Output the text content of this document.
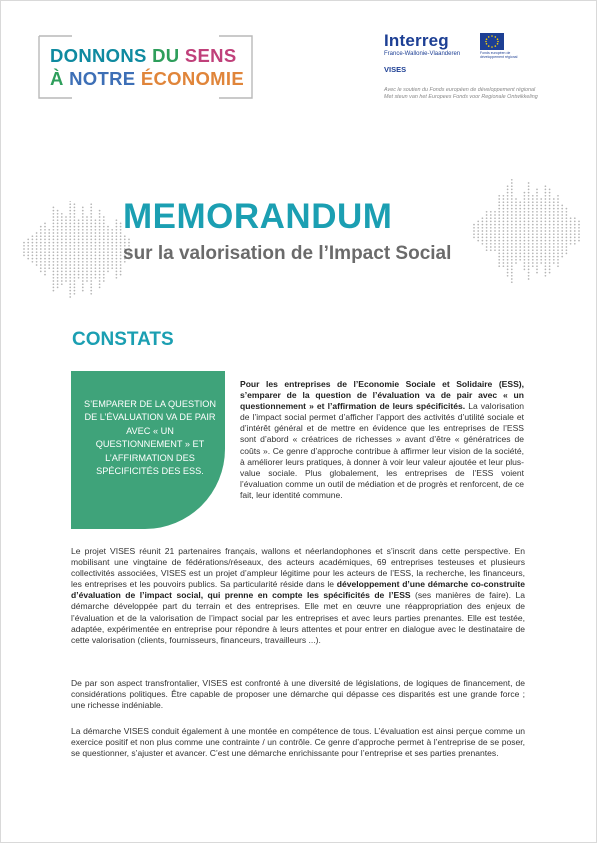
DONNONS DU SENS
À NOTRE ÉCONOMIE
Interreg
France-Wallonie-Vlaanderen	Fonds européen de développement régional
VISES
Avec le soutien du Fonds européen de développement régional
Met steun van het Europees Fonds voor Regionale Ontwikkeling
MEMORANDUM
sur la valorisation de l’Impact Social
CONSTATS
S’EMPARER DE LA QUESTION DE L’ÉVALUATION VA DE PAIR AVEC « UN QUESTIONNEMENT » ET L’AFFIRMATION DES SPÉCIFICITÉS DES ESS.
Pour les entreprises de l’Economie Sociale et Solidaire (ESS), s’emparer de la question de l’évaluation va de pair avec « un questionnement » et l’affirmation de leurs spécificités. La valorisation de l’impact social permet d’afficher l’apport des activités d’utilité sociale et d’intérêt général et de mettre en évidence que les entreprises de l’ESS sont d’abord « créatrices de richesses » avant d’être « génératrices de coûts ». Ce genre d’approche contribue à affirmer leur vision de la société, à améliorer leurs pratiques, à donner à voir leur valeur ajoutée et leur plus-value sociale. Plus globalement, les entreprises de l’ESS voient l’évaluation comme un outil de médiation et de progrès et renforcent, de ce fait, leur identité commune.
Le projet VISES réunit 21 partenaires français, wallons et néerlandophones et s’inscrit dans cette perspective. En mobilisant une vingtaine de fédérations/réseaux, des acteurs académiques, 69 entreprises testeuses et plusieurs collectivités associées, VISES est un projet d’ampleur légitime pour les acteurs de l’ESS, la recherche, les financeurs, les entreprises et les pouvoirs publics. Sa particularité réside dans le développement d’une démarche co-construite d’évaluation de l’impact social, qui prenne en compte les spécificités de l’ESS (ses manières de faire). La démarche développée part du terrain et des entreprises. Elle met en œuvre une réappropriation des enjeux de l’évaluation et de la valorisation de l’impact social par les entreprises et avec leurs parties prenantes. Elle est testée, adaptée, expérimentée en entreprise pour répondre à leurs attentes et pour entrer en dialogue avec le destinataire de cette valorisation (clients, fournisseurs, financeurs, travailleurs ...).
De par son aspect transfrontalier, VISES est confronté à une diversité de législations, de logiques de financement, de considérations politiques. Être capable de proposer une démarche qui dépasse ces disparités est une grande force ; une richesse indéniable.
La démarche VISES conduit également à une montée en compétence de tous. L’évaluation est ainsi perçue comme un exercice positif et non plus comme une contrainte / un contrôle. Ce genre d’approche permet à l’entreprise de se poser, se questionner, s’ajuster et avancer. C’est une démarche enrichissante pour l’entreprise et ses parties prenantes.
